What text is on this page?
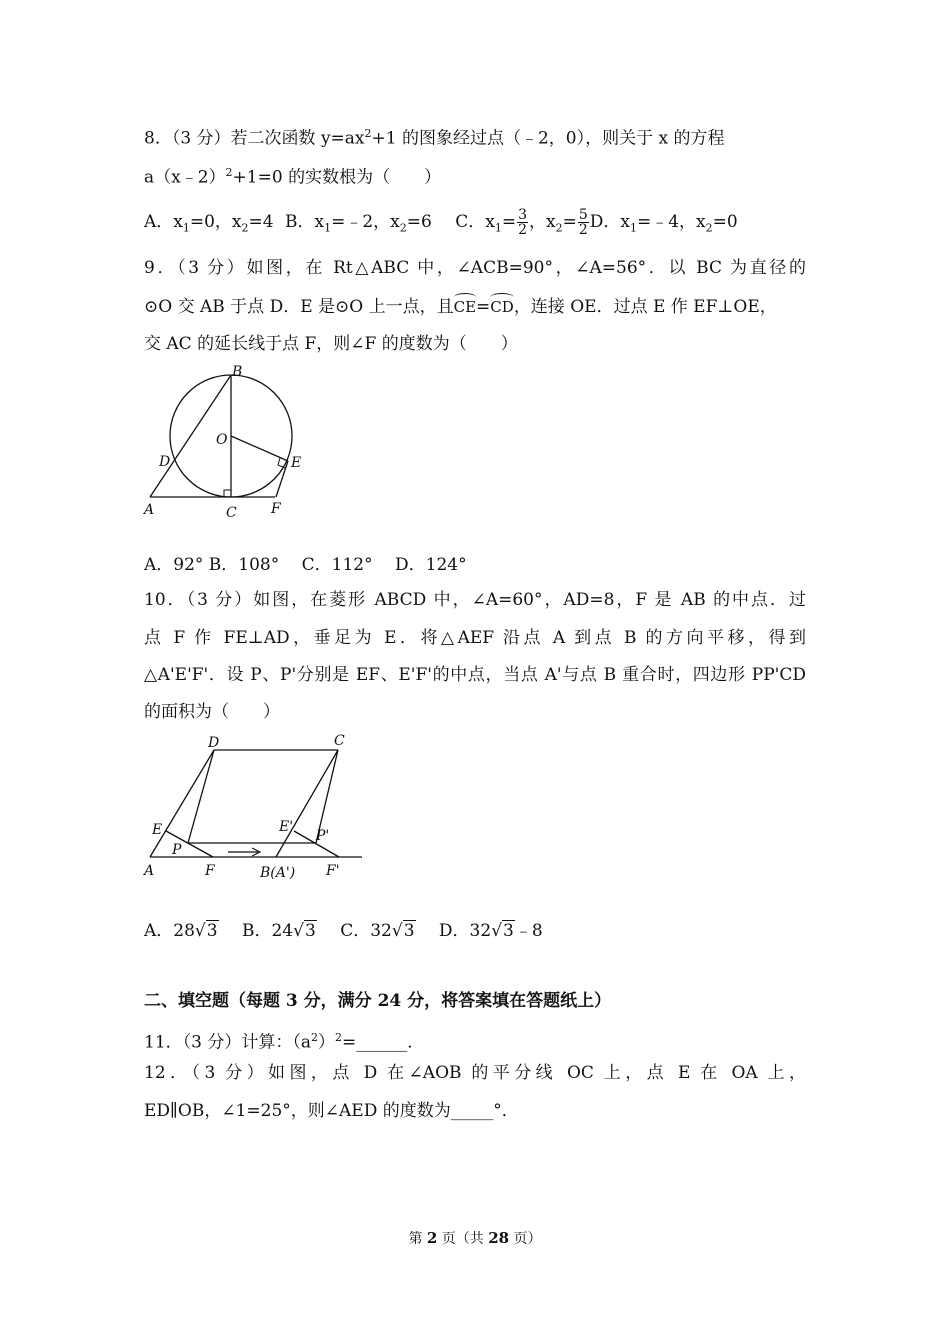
8．（3 分）若二次函数 $y=ax^2+1$ 的图象经过点（﹣2，0），则关于 x 的方程
a（x﹣2）$^2$+1=0 的实数根为（　　）
A．$x_1=0$，$x_2=4$ B．$x_1=﹣2$，$x_2=6$ C．$x_1= \frac{3}{2}$ ，$x_2= \frac{5}{2}$ D．$x_1=﹣4$，$x_2=0$
9．（3 分）如图，在 Rt△ABC 中，∠ACB=90°，∠A=56°．以 BC 为直径的
⊙O 交 AB 于点 D．E 是⊙O 上一点，且CE=CD，连接 OE．过点 E 作 EF⊥OE，
交 AC 的延长线于点 F，则∠F 的度数为（　　）
B
O
D	E
A	C F
A．92° B．108°　 C．112°　 D．124°
10．（3 分）如图，在菱形 ABCD 中，∠A=60°，AD=8，F 是 AB 的中点．过
点 F 作 FE⊥AD，垂足为 E．将△AEF 沿点 A 到点 B 的方向平移，得到
△A'E'F'．设 P、P'分别是 EF、E'F'的中点，当点 A'与点 B 重合时，四边形 PP'CD
的面积为（　　）
D	C
E	E'
P
P'
A	F	B(A') F'
A．28√3 B．24√3 C．32√3 D．32√3﹣8
二、填空题（每题 3 分，满分 24 分，将答案填在答题纸上）
11．（3 分）计算：$(a^2)^2=\_\_\_\_\_\_$．
12．（3 分）如图，点 D 在∠AOB 的平分线 OC 上，点 E 在 OA 上，
ED∥OB，∠1=25°，则∠AED 的度数为_____°．
第 2 页（共 28 页）
